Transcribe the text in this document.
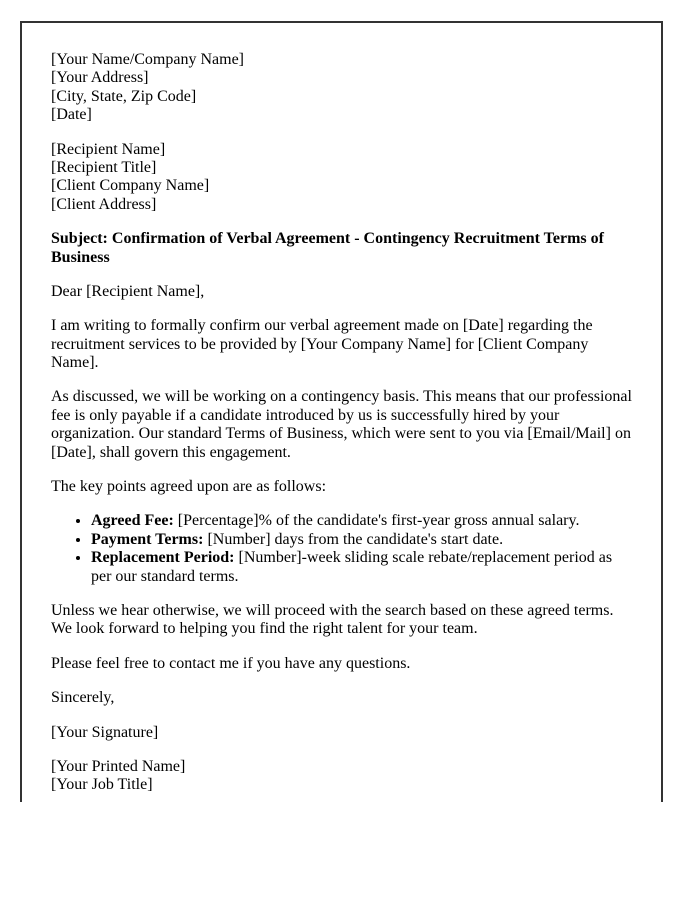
[Your Name/Company Name]
[Your Address]
[City, State, Zip Code]
[Date]
[Recipient Name]
[Recipient Title]
[Client Company Name]
[Client Address]

Subject: Confirmation of Verbal Agreement - Contingency Recruitment Terms of Business

Dear [Recipient Name],

I am writing to formally confirm our verbal agreement made on [Date] regarding the recruitment services to be provided by [Your Company Name] for [Client Company Name].

As discussed, we will be working on a contingency basis. This means that our professional fee is only payable if a candidate introduced by us is successfully hired by your organization. Our standard Terms of Business, which were sent to you via [Email/Mail] on [Date], shall govern this engagement.

The key points agreed upon are as follows:

• Agreed Fee: [Percentage]% of the candidate's first-year gross annual salary.
• Payment Terms: [Number] days from the candidate's start date.
• Replacement Period: [Number]-week sliding scale rebate/replacement period as per our standard terms.

Unless we hear otherwise, we will proceed with the search based on these agreed terms. We look forward to helping you find the right talent for your team.

Please feel free to contact me if you have any questions.

Sincerely,

[Your Signature]

[Your Printed Name]
[Your Job Title]
